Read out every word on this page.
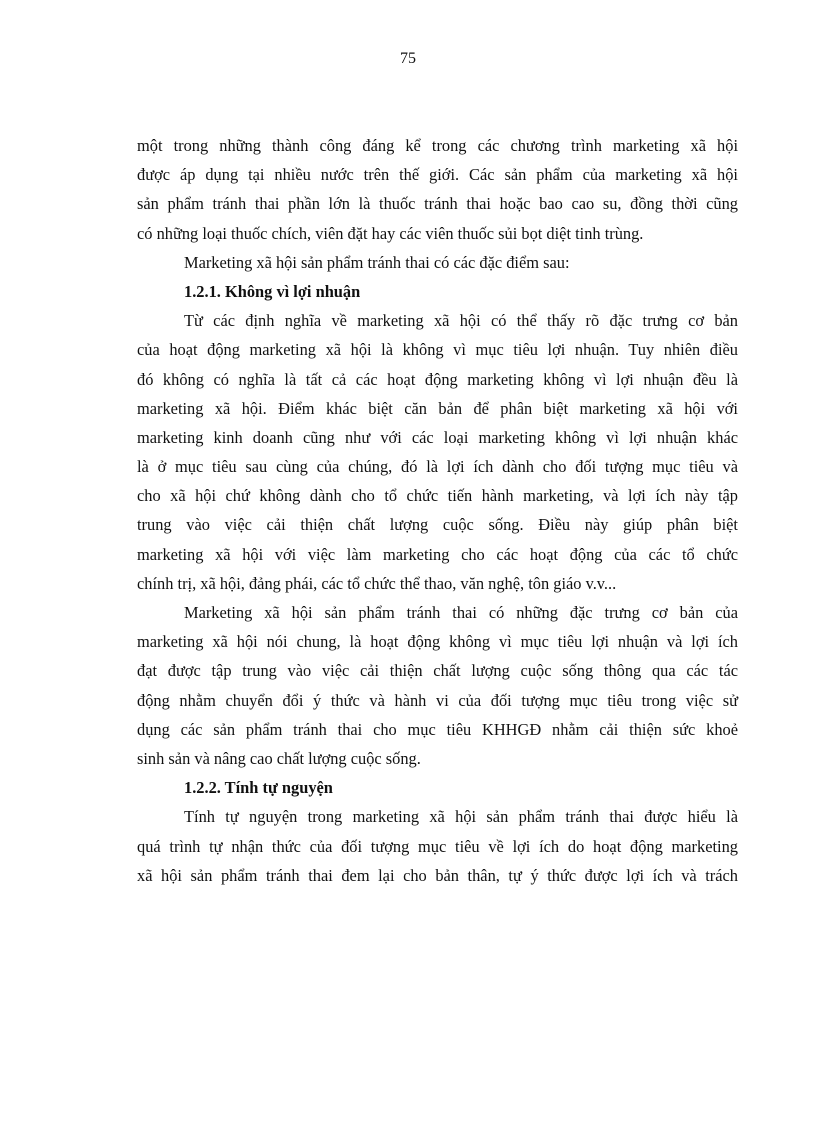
75
một trong những thành công đáng kể trong các chương trình marketing xã hội
được áp dụng tại nhiều nước trên thế giới. Các sản phẩm của marketing xã hội
sản phẩm tránh thai phần lớn là thuốc tránh thai hoặc bao cao su, đồng thời cũng
có những loại thuốc chích, viên đặt hay các viên thuốc sủi bọt diệt tinh trùng.
Marketing xã hội sản phẩm tránh thai có các đặc điểm sau:
1.2.1. Không vì lợi nhuận
Từ các định nghĩa về marketing xã hội có thể thấy rõ đặc trưng cơ bản
của hoạt động marketing xã hội là không vì mục tiêu lợi nhuận. Tuy nhiên điều
đó không có nghĩa là tất cả các hoạt động marketing không vì lợi nhuận đều là
marketing xã hội. Điểm khác biệt căn bản để phân biệt marketing xã hội với
marketing kinh doanh cũng như với các loại marketing không vì lợi nhuận khác
là ở mục tiêu sau cùng của chúng, đó là lợi ích dành cho đối tượng mục tiêu và
cho xã hội chứ không dành cho tổ chức tiến hành marketing, và lợi ích này tập
trung vào việc cải thiện chất lượng cuộc sống. Điều này giúp phân biệt
marketing xã hội với việc làm marketing cho các hoạt động của các tổ chức
chính trị, xã hội, đảng phái, các tổ chức thể thao, văn nghệ, tôn giáo v.v...
Marketing xã hội sản phẩm tránh thai có những đặc trưng cơ bản của
marketing xã hội nói chung, là hoạt động không vì mục tiêu lợi nhuận và lợi ích
đạt được tập trung vào việc cải thiện chất lượng cuộc sống thông qua các tác
động nhằm chuyển đổi ý thức và hành vi của đối tượng mục tiêu trong việc sử
dụng các sản phẩm tránh thai cho mục tiêu KHHGĐ nhằm cải thiện sức khoẻ
sinh sản và nâng cao chất lượng cuộc sống.
1.2.2. Tính tự nguyện
Tính tự nguyện trong marketing xã hội sản phẩm tránh thai được hiểu là
quá trình tự nhận thức của đối tượng mục tiêu về lợi ích do hoạt động marketing
xã hội sản phẩm tránh thai đem lại cho bản thân, tự ý thức được lợi ích và trách
